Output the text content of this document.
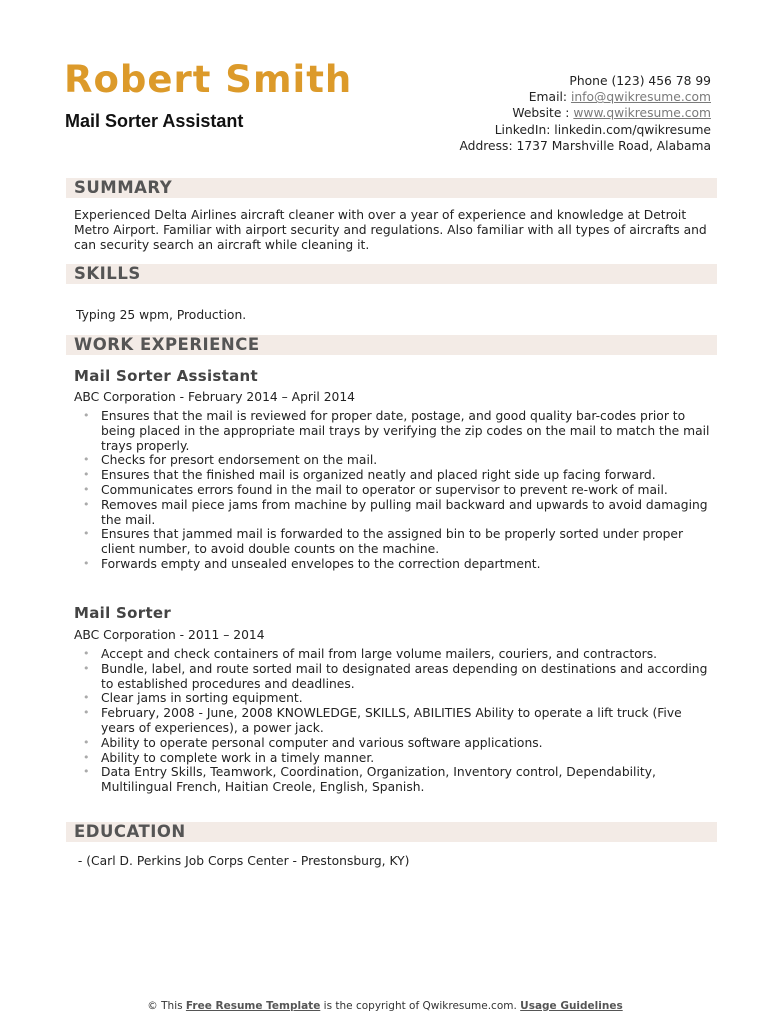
Robert Smith
Mail Sorter Assistant
Phone (123) 456 78 99
Email: info@qwikresume.com
Website : www.qwikresume.com
LinkedIn: linkedin.com/qwikresume
Address: 1737 Marshville Road, Alabama
SUMMARY
Experienced Delta Airlines aircraft cleaner with over a year of experience and knowledge at Detroit Metro Airport. Familiar with airport security and regulations. Also familiar with all types of aircrafts and can security search an aircraft while cleaning it.
SKILLS
Typing 25 wpm, Production.
WORK EXPERIENCE
Mail Sorter Assistant
ABC Corporation - February 2014 – April 2014
• Ensures that the mail is reviewed for proper date, postage, and good quality bar-codes prior to being placed in the appropriate mail trays by verifying the zip codes on the mail to match the mail trays properly.
• Checks for presort endorsement on the mail.
• Ensures that the finished mail is organized neatly and placed right side up facing forward.
• Communicates errors found in the mail to operator or supervisor to prevent re-work of mail.
• Removes mail piece jams from machine by pulling mail backward and upwards to avoid damaging the mail.
• Ensures that jammed mail is forwarded to the assigned bin to be properly sorted under proper client number, to avoid double counts on the machine.
• Forwards empty and unsealed envelopes to the correction department.
Mail Sorter
ABC Corporation - 2011 – 2014
• Accept and check containers of mail from large volume mailers, couriers, and contractors.
• Bundle, label, and route sorted mail to designated areas depending on destinations and according to established procedures and deadlines.
• Clear jams in sorting equipment.
• February, 2008 - June, 2008 KNOWLEDGE, SKILLS, ABILITIES Ability to operate a lift truck (Five years of experiences), a power jack.
• Ability to operate personal computer and various software applications.
• Ability to complete work in a timely manner.
• Data Entry Skills, Teamwork, Coordination, Organization, Inventory control, Dependability, Multilingual French, Haitian Creole, English, Spanish.
EDUCATION
- (Carl D. Perkins Job Corps Center - Prestonsburg, KY)
© This Free Resume Template is the copyright of Qwikresume.com. Usage Guidelines
